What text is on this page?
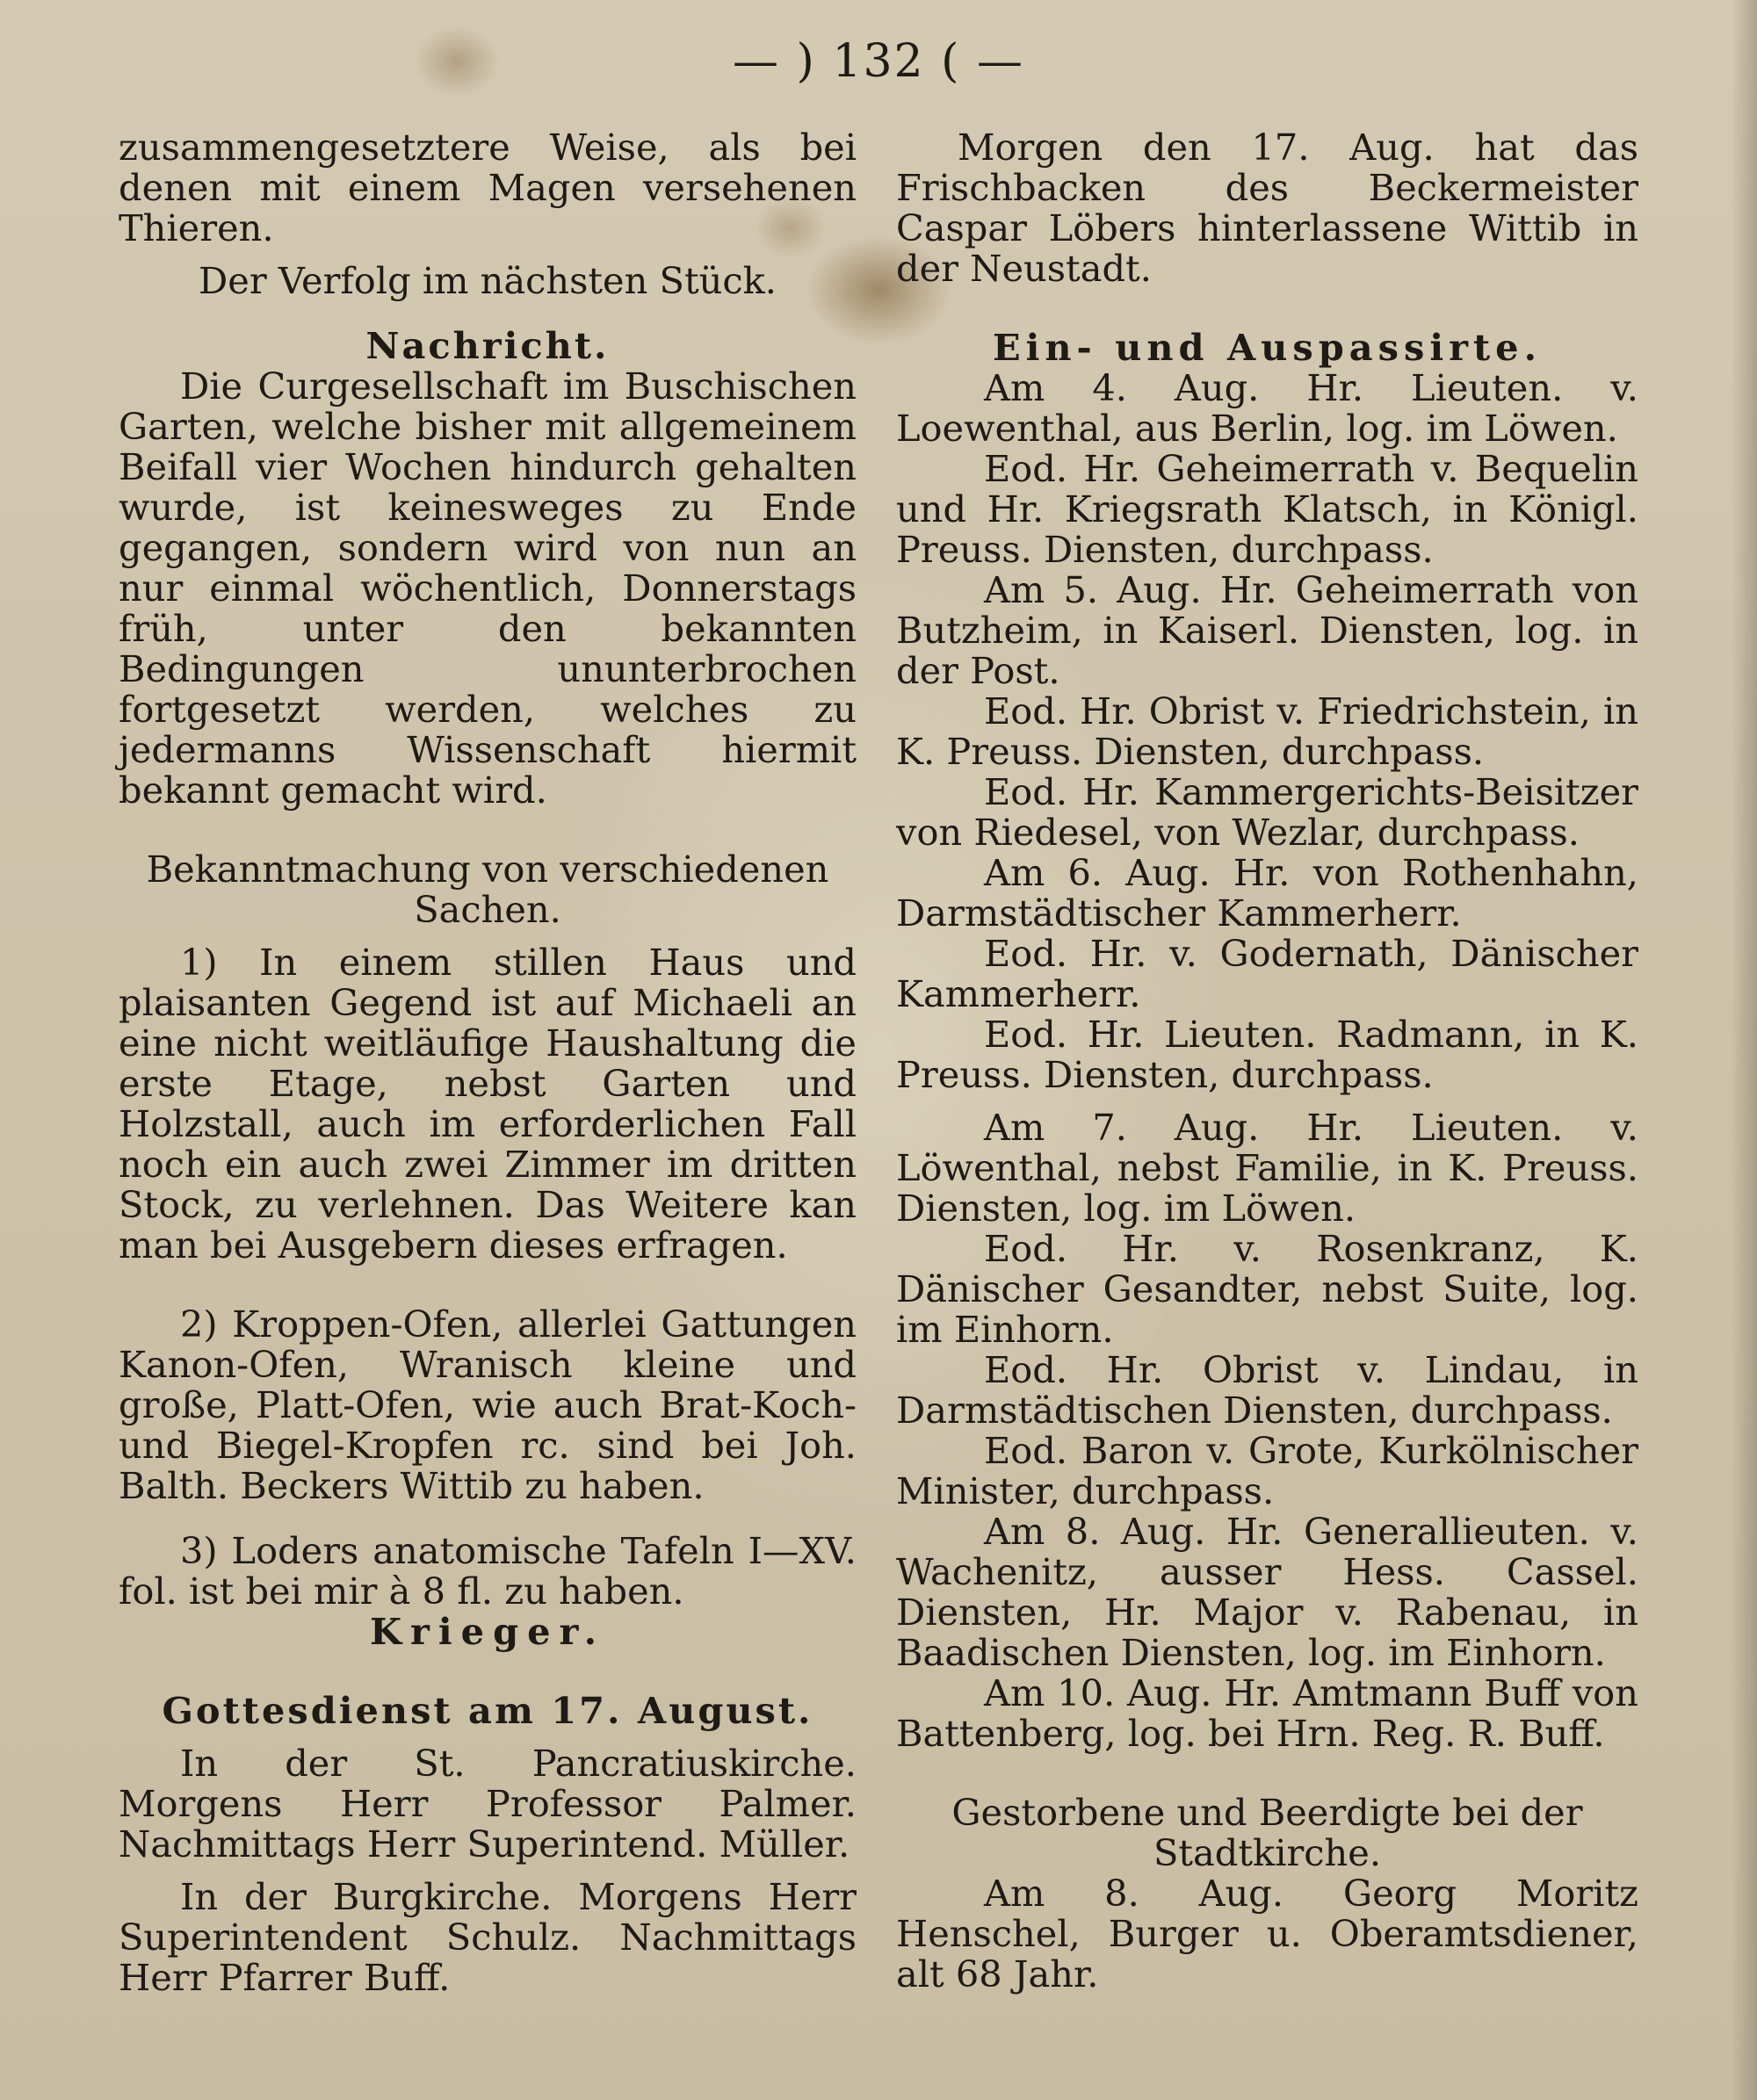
— ) 132 ( —

zusammengesetztere Weise, als bei denen mit einem Magen versehenen Thieren.

Der Verfolg im nächsten Stück.

Nachricht.

Die Curgesellschaft im Buschischen Garten, welche bisher mit allgemeinem Beifall vier Wochen hindurch gehalten wurde, ist keinesweges zu Ende gegangen, sondern wird von nun an nur einmal wöchentlich, Donnerstags früh, unter den bekannten Bedingungen ununterbrochen fortgesetzt werden, welches zu jedermanns Wissenschaft hiermit bekannt gemacht wird.

Bekanntmachung von verschiedenen Sachen.

1) In einem stillen Haus und plaisanten Gegend ist auf Michaeli an eine nicht weitläufige Haushaltung die erste Etage, nebst Garten und Holzstall, auch im erforderlichen Fall noch ein auch zwei Zimmer im dritten Stock, zu verlehnen. Das Weitere kan man bei Ausgebern dieses erfragen.

2) Kroppen-Ofen, allerlei Gattungen Kanon-Ofen, Wranisch kleine und große, Platt-Ofen, wie auch Brat-Koch- und Biegel-Kropfen rc. sind bei Joh. Balth. Beckers Wittib zu haben.

3) Loders anatomische Tafeln I—XV. fol. ist bei mir à 8 fl. zu haben.

Krieger.

Gottesdienst am 17. August.

In der St. Pancratiuskirche. Morgens Herr Professor Palmer. Nachmittags Herr Superintend. Müller.

In der Burgkirche. Morgens Herr Superintendent Schulz. Nachmittags Herr Pfarrer Buff.

Morgen den 17. Aug. hat das Frischbacken des Beckermeister Caspar Löbers hinterlassene Wittib in der Neustadt.

Ein- und Auspassirte.

Am 4. Aug. Hr. Lieuten. v. Loewenthal, aus Berlin, log. im Löwen.

Eod. Hr. Geheimerrath v. Bequelin und Hr. Kriegsrath Klatsch, in Königl. Preuss. Diensten, durchpass.

Am 5. Aug. Hr. Geheimerrath von Butzheim, in Kaiserl. Diensten, log. in der Post.

Eod. Hr. Obrist v. Friedrichstein, in K. Preuss. Diensten, durchpass.

Eod. Hr. Kammergerichts-Beisitzer von Riedesel, von Wezlar, durchpass.

Am 6. Aug. Hr. von Rothenhahn, Darmstädtischer Kammerherr.

Eod. Hr. v. Godernath, Dänischer Kammerherr.

Eod. Hr. Lieuten. Radmann, in K. Preuss. Diensten, durchpass.

Am 7. Aug. Hr. Lieuten. v. Löwenthal, nebst Familie, in K. Preuss. Diensten, log. im Löwen.

Eod. Hr. v. Rosenkranz, K. Dänischer Gesandter, nebst Suite, log. im Einhorn.

Eod. Hr. Obrist v. Lindau, in Darmstädtischen Diensten, durchpass.

Eod. Baron v. Grote, Kurkölnischer Minister, durchpass.

Am 8. Aug. Hr. Generallieuten. v. Wachenitz, ausser Hess. Cassel. Diensten, Hr. Major v. Rabenau, in Baadischen Diensten, log. im Einhorn.

Am 10. Aug. Hr. Amtmann Buff von Battenberg, log. bei Hrn. Reg. R. Buff.

Gestorbene und Beerdigte bei der Stadtkirche.

Am 8. Aug. Georg Moritz Henschel, Burger u. Oberamtsdiener, alt 68 Jahr.
